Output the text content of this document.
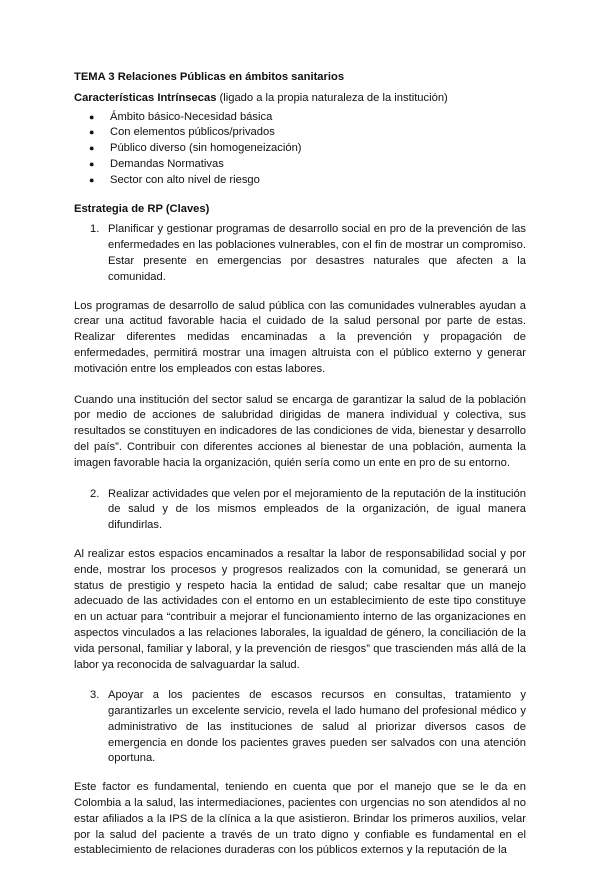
TEMA 3 Relaciones Públicas en ámbitos sanitarios
Características Intrínsecas (ligado a la propia naturaleza de la institución)
● Ámbito básico-Necesidad básica
● Con elementos públicos/privados
● Público diverso (sin homogeneización)
● Demandas Normativas
● Sector con alto nivel de riesgo
Estrategia de RP (Claves)
1. Planificar y gestionar programas de desarrollo social en pro de la prevención de las enfermedades en las poblaciones vulnerables, con el fin de mostrar un compromiso. Estar presente en emergencias por desastres naturales que afecten a la comunidad.

Los programas de desarrollo de salud pública con las comunidades vulnerables ayudan a crear una actitud favorable hacia el cuidado de la salud personal por parte de estas. Realizar diferentes medidas encaminadas a la prevención y propagación de enfermedades, permitirá mostrar una imagen altruista con el público externo y generar motivación entre los empleados con estas labores.

Cuando una institución del sector salud se encarga de garantizar la salud de la población por medio de acciones de salubridad dirigidas de manera individual y colectiva, sus resultados se constituyen en indicadores de las condiciones de vida, bienestar y desarrollo del país”. Contribuir con diferentes acciones al bienestar de una población, aumenta la imagen favorable hacia la organización, quién sería como un ente en pro de su entorno.

2. Realizar actividades que velen por el mejoramiento de la reputación de la institución de salud y de los mismos empleados de la organización, de igual manera difundirlas.

Al realizar estos espacios encaminados a resaltar la labor de responsabilidad social y por ende, mostrar los procesos y progresos realizados con la comunidad, se generará un status de prestigio y respeto hacia la entidad de salud; cabe resaltar que un manejo adecuado de las actividades con el entorno en un establecimiento de este tipo constituye en un actuar para “contribuir a mejorar el funcionamiento interno de las organizaciones en aspectos vinculados a las relaciones laborales, la igualdad de género, la conciliación de la vida personal, familiar y laboral, y la prevención de riesgos” que trascienden más allá de la labor ya reconocida de salvaguardar la salud.

3. Apoyar a los pacientes de escasos recursos en consultas, tratamiento y garantizarles un excelente servicio, revela el lado humano del profesional médico y administrativo de las instituciones de salud al priorizar diversos casos de emergencia en donde los pacientes graves pueden ser salvados con una atención oportuna.

Este factor es fundamental, teniendo en cuenta que por el manejo que se le da en Colombia a la salud, las intermediaciones, pacientes con urgencias no son atendidos al no estar afiliados a la IPS de la clínica a la que asistieron. Brindar los primeros auxilios, velar por la salud del paciente a través de un trato digno y confiable es fundamental en el establecimiento de relaciones duraderas con los públicos externos y la reputación de la
